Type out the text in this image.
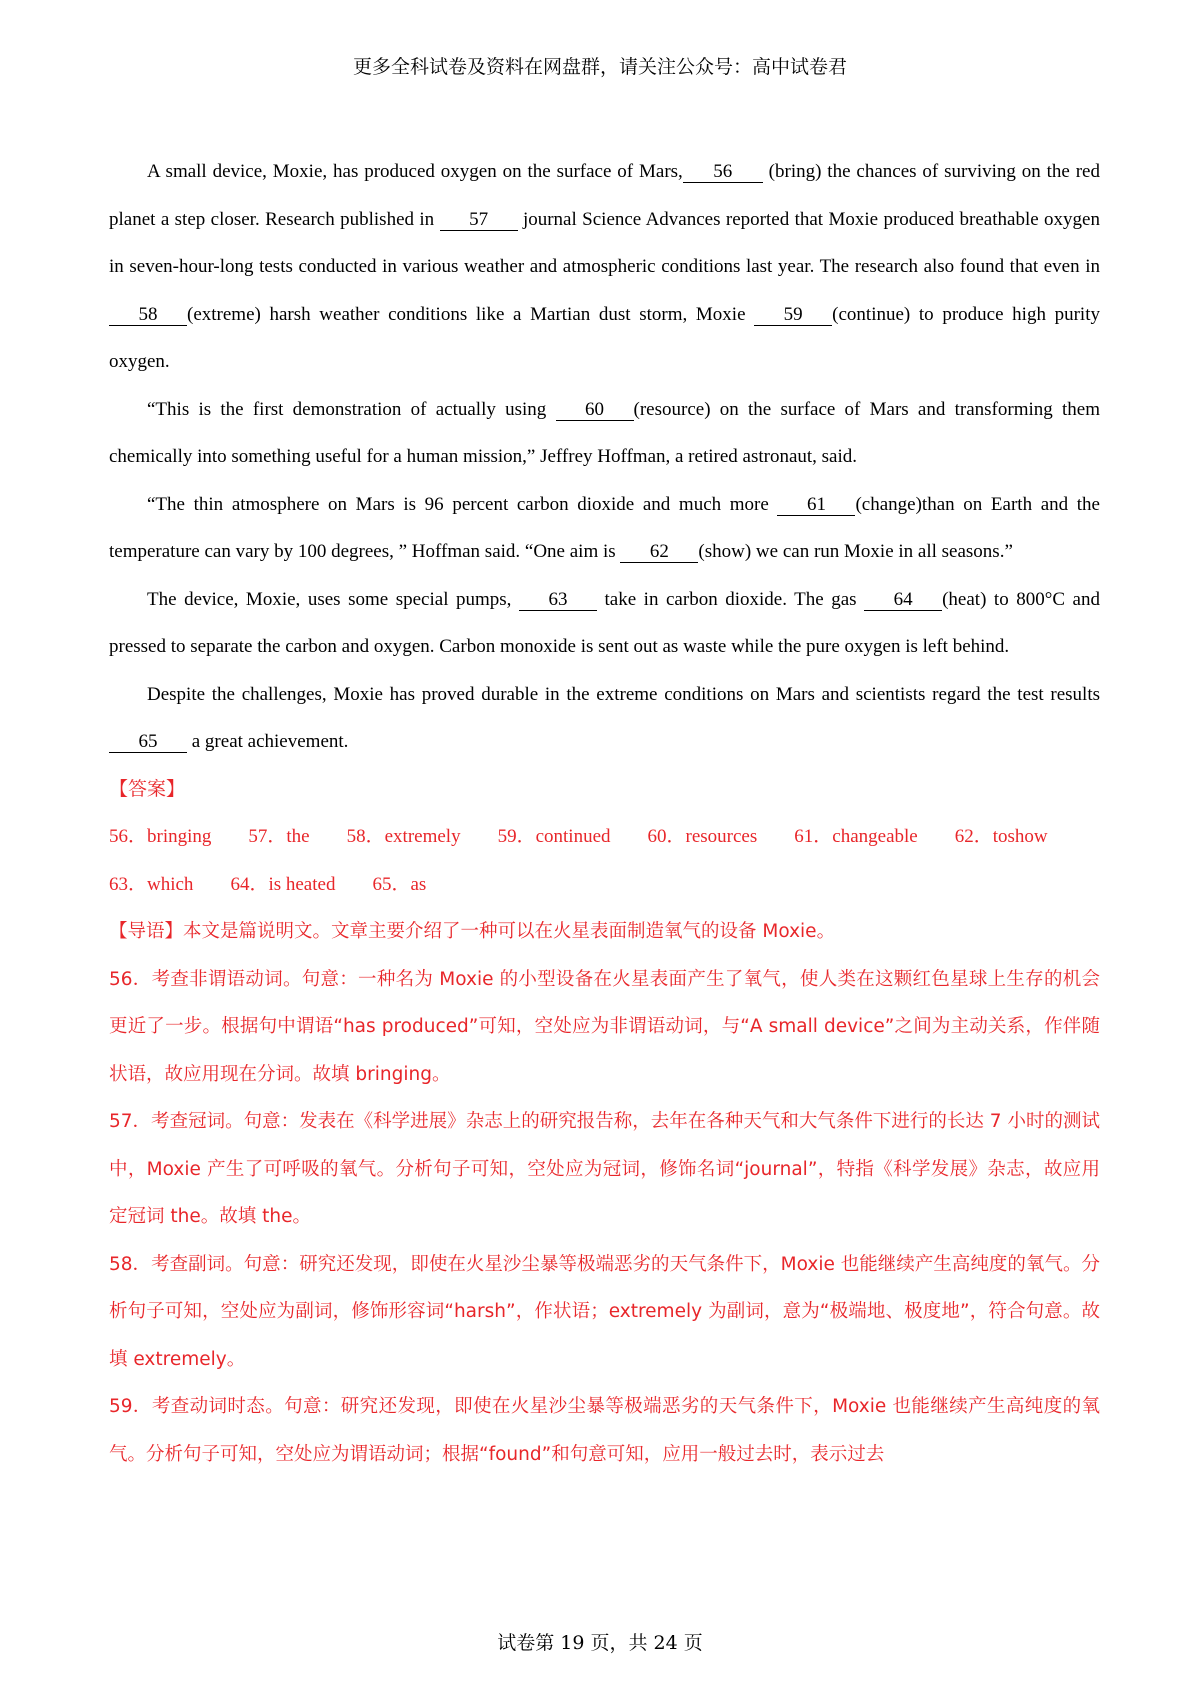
更多全科试卷及资料在网盘群，请关注公众号：高中试卷君

A small device, Moxie, has produced oxygen on the surface of Mars, 56 (bring) the chances of surviving on the red planet a step closer. Research published in 57 journal Science Advances reported that Moxie produced breathable oxygen in seven-hour-long tests conducted in various weather and atmospheric conditions last year. The research also found that even in 58 (extreme) harsh weather conditions like a Martian dust storm, Moxie 59 (continue) to produce high purity oxygen.

“This is the first demonstration of actually using 60 (resource) on the surface of Mars and transforming them chemically into something useful for a human mission,” Jeffrey Hoffman, a retired astronaut, said.

“The thin atmosphere on Mars is 96 percent carbon dioxide and much more 61 (change)than on Earth and the temperature can vary by 100 degrees, ” Hoffman said. “One aim is 62 (show) we can run Moxie in all seasons.”

The device, Moxie, uses some special pumps, 63 take in carbon dioxide. The gas 64 (heat) to 800°C and pressed to separate the carbon and oxygen. Carbon monoxide is sent out as waste while the pure oxygen is left behind.

Despite the challenges, Moxie has proved durable in the extreme conditions on Mars and scientists regard the test results 65 a great achievement.

【答案】

56．bringing 57．the 58．extremely 59．continued 60．resources 61．changeable 62．to show
63．which 64．is heated 65．as

【导语】本文是篇说明文。文章主要介绍了一种可以在火星表面制造氧气的设备 Moxie。

56．考查非谓语动词。句意：一种名为 Moxie 的小型设备在火星表面产生了氧气，使人类在这颗红色星球上生存的机会更近了一步。根据句中谓语“has produced”可知，空处应为非谓语动词，与“A small device”之间为主动关系，作伴随状语，故应用现在分词。故填 bringing。

57．考查冠词。句意：发表在《科学进展》杂志上的研究报告称，去年在各种天气和大气条件下进行的长达 7 小时的测试中，Moxie 产生了可呼吸的氧气。分析句子可知，空处应为冠词，修饰名词“journal”，特指《科学发展》杂志，故应用定冠词 the。故填 the。

58．考查副词。句意：研究还发现，即使在火星沙尘暴等极端恶劣的天气条件下，Moxie 也能继续产生高纯度的氧气。分析句子可知，空处应为副词，修饰形容词“harsh”，作状语；extremely 为副词，意为“极端地、极度地”，符合句意。故填 extremely。

59．考查动词时态。句意：研究还发现，即使在火星沙尘暴等极端恶劣的天气条件下，Moxie 也能继续产生高纯度的氧气。分析句子可知，空处应为谓语动词；根据“found”和句意可知，应用一般过去时，表示过去

试卷第 19 页，共 24 页
